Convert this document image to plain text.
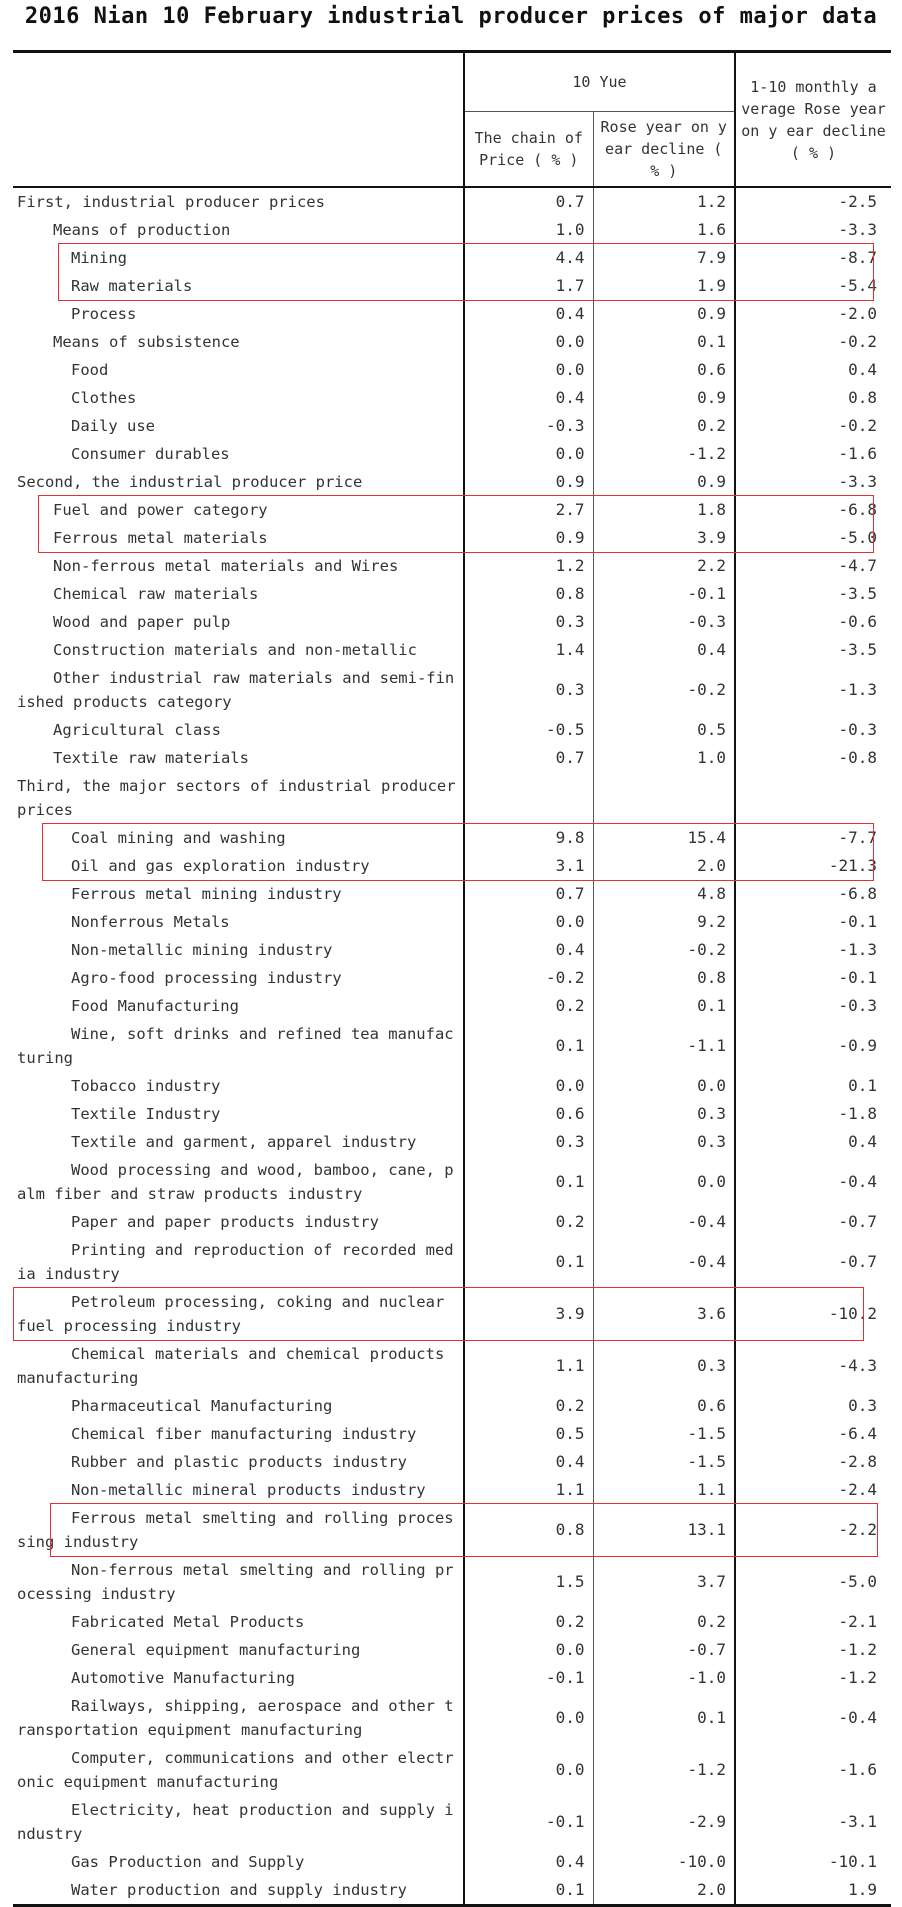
2016 Nian 10 February industrial producer prices of major data
	10 Yue		1-10 monthly a verage Rose year on y ear decline ( % )
	The chain of Price ( % )	Rose year on y ear decline ( % )	
First, industrial producer prices	0.7	1.2	-2.5
Means of production	1.0	1.6	-3.3
Mining	4.4	7.9	-8.7
Raw materials	1.7	1.9	-5.4
Process	0.4	0.9	-2.0
Means of subsistence	0.0	0.1	-0.2
Food	0.0	0.6	0.4
Clothes	0.4	0.9	0.8
Daily use	-0.3	0.2	-0.2
Consumer durables	0.0	-1.2	-1.6
Second, the industrial producer price	0.9	0.9	-3.3
Fuel and power category	2.7	1.8	-6.8
Ferrous metal materials	0.9	3.9	-5.0
Non-ferrous metal materials and Wires	1.2	2.2	-4.7
Chemical raw materials	0.8	-0.1	-3.5
Wood and paper pulp	0.3	-0.3	-0.6
Construction materials and non-metallic	1.4	0.4	-3.5
Other industrial raw materials and semi-finished products category	0.3	-0.2	-1.3
Agricultural class	-0.5	0.5	-0.3
Textile raw materials	0.7	1.0	-0.8
Third, the major sectors of industrial producer prices			
Coal mining and washing	9.8	15.4	-7.7
Oil and gas exploration industry	3.1	2.0	-21.3
Ferrous metal mining industry	0.7	4.8	-6.8
Nonferrous Metals	0.0	9.2	-0.1
Non-metallic mining industry	0.4	-0.2	-1.3
Agro-food processing industry	-0.2	0.8	-0.1
Food Manufacturing	0.2	0.1	-0.3
Wine, soft drinks and refined tea manufacturing	0.1	-1.1	-0.9
Tobacco industry	0.0	0.0	0.1
Textile Industry	0.6	0.3	-1.8
Textile and garment, apparel industry	0.3	0.3	0.4
Wood processing and wood, bamboo, cane, palm fiber and straw products industry	0.1	0.0	-0.4
Paper and paper products industry	0.2	-0.4	-0.7
Printing and reproduction of recorded media industry	0.1	-0.4	-0.7
Petroleum processing, coking and nuclear fuel processing industry	3.9	3.6	-10.2
Chemical materials and chemical products manufacturing	1.1	0.3	-4.3
Pharmaceutical Manufacturing	0.2	0.6	0.3
Chemical fiber manufacturing industry	0.5	-1.5	-6.4
Rubber and plastic products industry	0.4	-1.5	-2.8
Non-metallic mineral products industry	1.1	1.1	-2.4
Ferrous metal smelting and rolling processing industry	0.8	13.1	-2.2
Non-ferrous metal smelting and rolling processing industry	1.5	3.7	-5.0
Fabricated Metal Products	0.2	0.2	-2.1
General equipment manufacturing	0.0	-0.7	-1.2
Automotive Manufacturing	-0.1	-1.0	-1.2
Railways, shipping, aerospace and other transportation equipment manufacturing	0.0	0.1	-0.4
Computer, communications and other electronic equipment manufacturing	0.0	-1.2	-1.6
Electricity, heat production and supply industry	-0.1	-2.9	-3.1
Gas Production and Supply	0.4	-10.0	-10.1
Water production and supply industry	0.1	2.0	1.9
